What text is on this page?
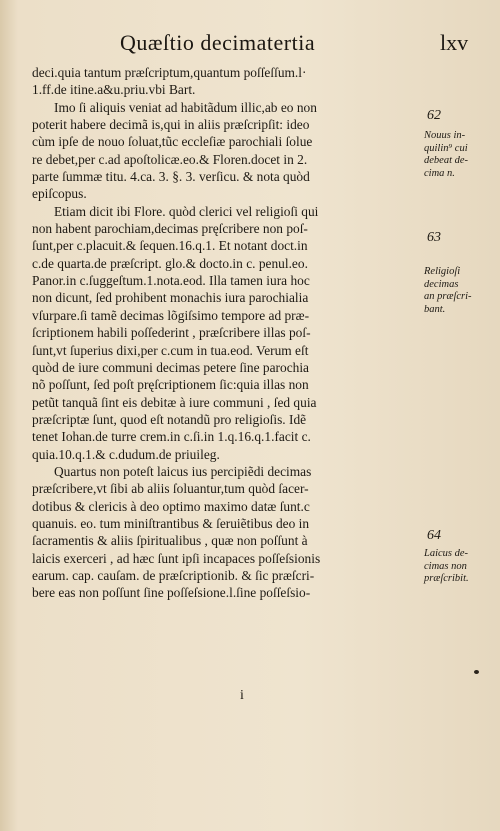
Quæſtio decimatertia	lxv
deci.quia tantum præſcriptum,quantum poſſeſſum.l·
1.ff.de itine.a&u.priu.vbi Bart.
Imo ſi aliquis veniat ad habitãdum illic,ab eo non
poterit habere decimã is,qui in aliis præſcripſit: ideo
cùm ipſe de nouo ſoluat,tũc eccleſiæ parochiali ſolue
re debet,per c.ad apoſtolicæ.eo.& Floren.docet in 2.
parte ſummæ titu. 4.ca. 3. §. 3. verſicu. & nota quòd
epiſcopus.
Etiam dicit ibi Flore. quòd clerici vel religioſi qui
non habent parochiam,decimas pręſcribere non poſ-
ſunt,per c.placuit.& ſequen.16.q.1. Et notant doct.in
c.de quarta.de præſcript. glo.& docto.in c. penul.eo.
Panor.in c.ſuggeſtum.1.nota.eod. Illa tamen iura hoc
non dicunt, ſed prohibent monachis iura parochialia
vſurpare.ſi tamẽ decimas lõgiſsimo tempore ad præ-
ſcriptionem habili poſſederint , præſcribere illas poſ-
ſunt,vt ſuperius dixi,per c.cum in tua.eod. Verum eſt
quòd de iure communi decimas petere ſine parochia
nõ poſſunt, ſed poſt pręſcriptionem ſic:quia illas non
petũt tanquã ſint eis debitæ à iure communi , ſed quia
præſcriptæ ſunt, quod eſt notandũ pro religioſis. Idẽ
tenet Iohan.de turre crem.in c.ſi.in 1.q.16.q.1.facit c.
quia.10.q.1.& c.dudum.de priuileg.
Quartus non poteſt laicus ius percipiẽdi decimas
præſcribere,vt ſibi ab aliis ſoluantur,tum quòd ſacer-
dotibus & clericis à deo optimo maximo datæ ſunt.c
quanuis. eo. tum miniſtrantibus & ſeruiẽtibus deo in
ſacramentis & aliis ſpiritualibus , quæ non poſſunt à
laicis exerceri , ad hæc ſunt ipſi incapaces poſſeſsionis
earum. cap. cauſam. de præſcriptionib. & ſic præſcri-
bere eas non poſſunt ſine poſſeſsione.l.ſine poſſeſsio-
62
Nouus in-
quilin⁹ cui
debeat de-
cima n.
63
Religioſi
decimas
an præſcri-
bant.
64
Laicus de-
cimas non
præſcribit.
i
